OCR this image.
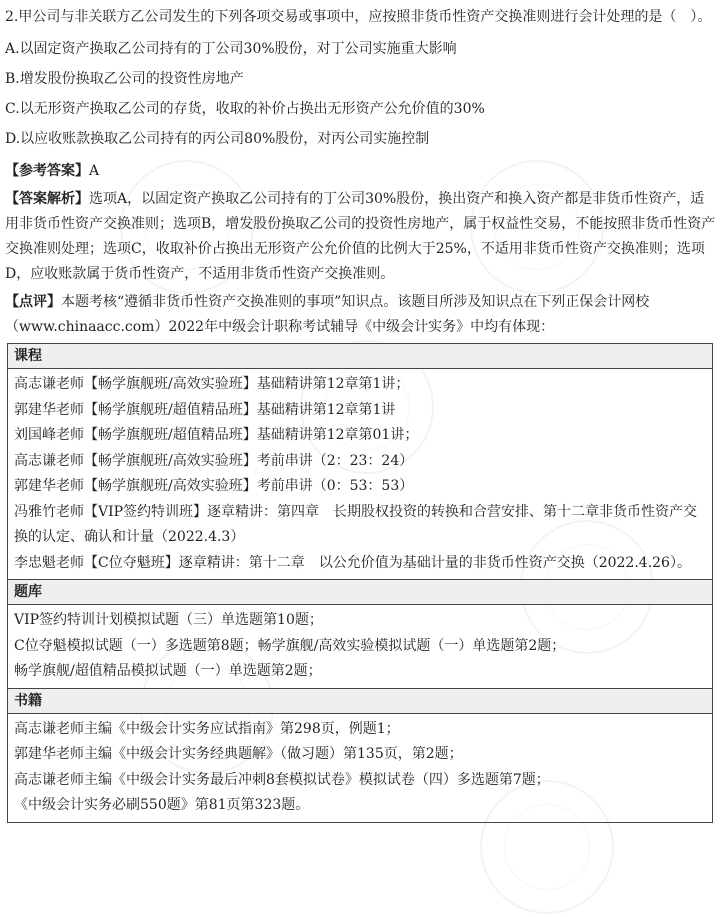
2.甲公司与非关联方乙公司发生的下列各项交易或事项中，应按照非货币性资产交换准则进行会计处理的是（　）。

A.以固定资产换取乙公司持有的丁公司30%股份，对丁公司实施重大影响

B.增发股份换取乙公司的投资性房地产

C.以无形资产换取乙公司的存货，收取的补价占换出无形资产公允价值的30%

D.以应收账款换取乙公司持有的丙公司80%股份，对丙公司实施控制

【参考答案】A

【答案解析】选项A，以固定资产换取乙公司持有的丁公司30%股份，换出资产和换入资产都是非货币性资产，适用非货币性资产交换准则；选项B，增发股份换取乙公司的投资性房地产，属于权益性交易，不能按照非货币性资产交换准则处理；选项C，收取补价占换出无形资产公允价值的比例大于25%，不适用非货币性资产交换准则；选项D，应收账款属于货币性资产，不适用非货币性资产交换准则。

【点评】本题考核“遵循非货币性资产交换准则的事项”知识点。该题目所涉及知识点在下列正保会计网校（www.chinaacc.com）2022年中级会计职称考试辅导《中级会计实务》中均有体现：

课程

高志谦老师【畅学旗舰班/高效实验班】基础精讲第12章第1讲；
郭建华老师【畅学旗舰班/超值精品班】基础精讲第12章第1讲
刘国峰老师【畅学旗舰班/超值精品班】基础精讲第12章第01讲；
高志谦老师【畅学旗舰班/高效实验班】考前串讲（2：23：24）
郭建华老师【畅学旗舰班/高效实验班】考前串讲（0：53：53）
冯雅竹老师【VIP签约特训班】逐章精讲：第四章　长期股权投资的转换和合营安排、第十二章非货币性资产交换的认定、确认和计量（2022.4.3）
李忠魁老师【C位夺魁班】逐章精讲：第十二章　以公允价值为基础计量的非货币性资产交换（2022.4.26）。

题库

VIP签约特训计划模拟试题（三）单选题第10题；
C位夺魁模拟试题（一）多选题第8题；畅学旗舰/高效实验模拟试题（一）单选题第2题；
畅学旗舰/超值精品模拟试题（一）单选题第2题；

书籍

高志谦老师主编《中级会计实务应试指南》第298页，例题1；
郭建华老师主编《中级会计实务经典题解》（做习题）第135页，第2题；
高志谦老师主编《中级会计实务最后冲刺8套模拟试卷》模拟试卷（四）多选题第7题；
《中级会计实务必刷550题》第81页第323题。
